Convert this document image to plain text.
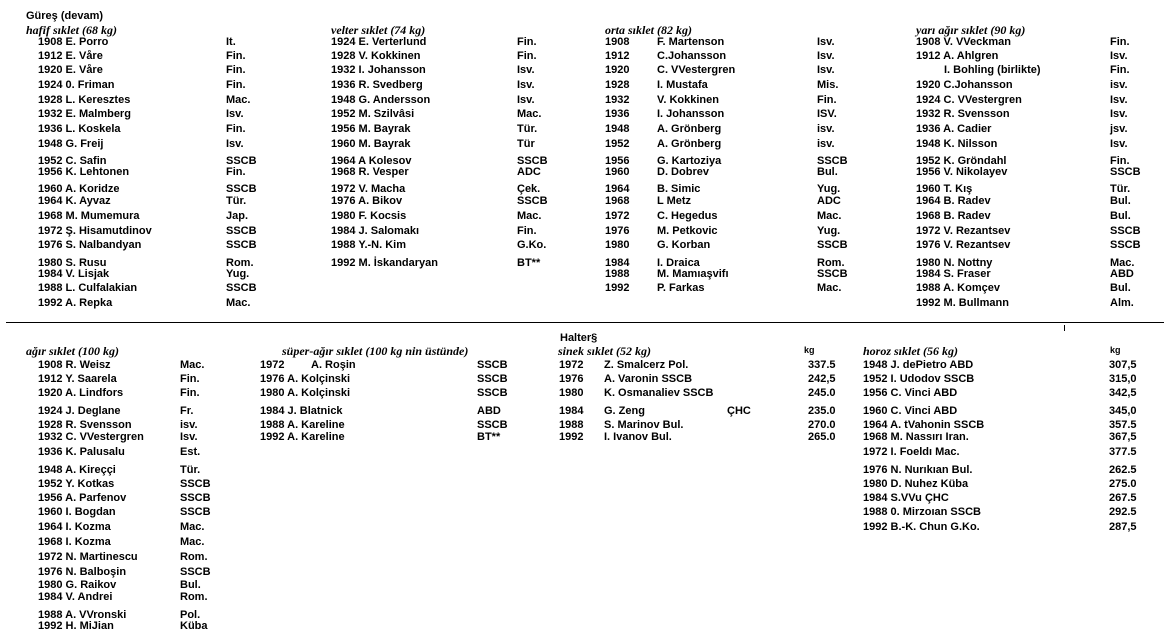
Güreş (devam)
hafif sıklet (68 kg)
1908 E. Porro	It.
1912 E. Våre	Fin.
1920 E. Våre	Fin.
1924 0. Friman	Fin.
1928 L. Keresztes	Mac.
1932 E. Malmberg	Isv.
1936 L. Koskela	Fin.
1948 G. Freij	Isv.
1952 C. Safin	SSCB
1956 K. Lehtonen	Fin.
1960 A. Koridze	SSCB
1964 K. Ayvaz	Tür.
1968 M. Mumemura	Jap.
1972 Ş. Hisamutdinov	SSCB
1976 S. Nalbandyan	SSCB
1980 S. Rusu	Rom.
1984 V. Lisjak	Yug.
1988 L. Culfalakian	SSCB
1992 A. Repka	Mac.
velter sıklet (74 kg)
1924 E. Verterlund	Fin.
1928 V. Kokkinen	Fin.
1932 I. Johansson	Isv.
1936 R. Svedberg	Isv.
1948 G. Andersson	Isv.
1952 M. Szilvâsi	Mac.
1956 M. Bayrak	Tür.
1960 M. Bayrak	Tür
1964 A Kolesov	SSCB
1968 R. Vesper	ADC
1972 V. Macha	Çek.
1976 A. Bikov	SSCB
1980 F. Kocsis	Mac.
1984 J. Salomakı	Fin.
1988 Y.-N. Kim	G.Ko.
1992 M. İskandaryan	BT**
orta sıklet (82 kg)
1908	F. Martenson	Isv.
1912	C.Johansson	Isv.
1920	C. VVestergren	Isv.
1928	I. Mustafa	Mis.
1932	V. Kokkinen	Fin.
1936	I. Johansson	ISV.
1948	A. Grönberg	isv.
1952	A. Grönberg	isv.
1956	G. Kartoziya	SSCB
1960	D. Dobrev	Bul.
1964	B. Simic	Yug.
1968	L Metz	ADC
1972	C. Hegedus	Mac.
1976	M. Petkovic	Yug.
1980	G. Korban	SSCB
1984	I. Draica	Rom.
1988	M. Mamıaşvifı	SSCB
1992	P. Farkas	Mac.
yarı ağır sıklet (90 kg)
1908 V. VVeckman	Fin.
1912 A. Ahlgren	Isv.
I. Bohling (birlikte)	Fin.
1920 C.Johansson	isv.
1924 C. VVestergren	Isv.
1932 R. Svensson	Isv.
1936 A. Cadier	jsv.
1948 K. Nilsson	Isv.
1952 K. Gröndahl	Fin.
1956 V. Nikolayev	SSCB
1960 T. Kış	Tür.
1964 B. Radev	Bul.
1968 B. Radev	Bul.
1972 V. Rezantsev	SSCB
1976 V. Rezantsev	SSCB
1980 N. Nottny	Mac.
1984 S. Fraser	ABD
1988 A. Komçev	Bul.
1992 M. Bullmann	Alm.
ağır sıklet (100 kg)
1908 R. Weisz	Mac.
1912 Y. Saarela	Fin.
1920 A. Lindfors	Fin.
1924 J. Deglane	Fr.
1928 R. Svensson	isv.
1932 C. VVestergren	Isv.
1936 K. Palusalu	Est.
1948 A. Kireççi	Tür.
1952 Y. Kotkas	SSCB
1956 A. Parfenov	SSCB
1960 I. Bogdan	SSCB
1964 I. Kozma	Mac.
1968 I. Kozma	Mac.
1972 N. Martinescu	Rom.
1976 N. Balboşin	SSCB
1980 G. Raikov	Bul.
1984 V. Andrei	Rom.
1988 A. VVronski	Pol.
1992 H. MiJian	Küba
süper-ağır sıklet (100 kg nin üstünde)
1972 A. Roşin	SSCB
1976 A. Kolçinski	SSCB
1980 A. Kolçinski	SSCB
1984 J. Blatnick	ABD
1988 A. Kareline	SSCB
1992 A. Kareline	BT**
Halter§
sinek sıklet (52 kg)	kg
1972 Z. Smalcerz Pol.	337.5
1976 A. Varonin SSCB	242,5
1980 K. Osmanaliev SSCB	245.0
1984 G. Zeng	ÇHC	235.0
1988 S. Marinov Bul.	270.0
1992 I. Ivanov Bul.	265.0
horoz sıklet (56 kg)	kg
1948 J. dePietro ABD	307,5
1952 I. Udodov SSCB	315,0
1956 C. Vinci ABD	342,5
1960 C. Vinci ABD	345,0
1964 A. tVahonin SSCB	357.5
1968 M. Nassırı Iran.	367,5
1972 I. Foeldı Mac.	377.5
1976 N. Nurıkıan Bul.	262.5
1980 D. Nuhez Küba	275.0
1984 S.VVu ÇHC	267.5
1988 0. Mirzoıan SSCB	292.5
1992 B.-K. Chun G.Ko.	287,5
